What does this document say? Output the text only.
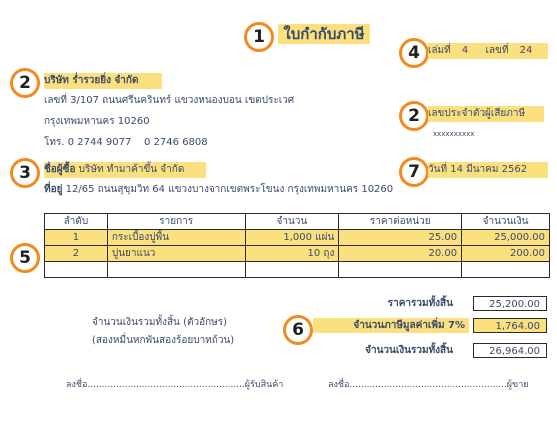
1	ใบกำกับภาษี
4 เล่มที่ 4 เลขที่ 24
2	บริษัท ร่ำรวยยิ่ง จำกัด
เลขที่ 3/107 ถนนศรีนครินทร์ แขวงหนองบอน เขตประเวศ
กรุงเทพมหานคร 10260
โทร. 0 2744 9077    0 2746 6808
2 เลขประจำตัวผู้เสียภาษี
xxxxxxxxxx
3	ชื่อผู้ซื้อ บริษัท ทำมาค้าขึ้น จำกัด
ที่อยู่ 12/65 ถนนสุขุมวิท 64 แขวงบางจากเขตพระโขนง กรุงเทพมหานคร 10260
7 วันที่ 14 มีนาคม 2562
5
ลำดับ	รายการ	จำนวน	ราคาต่อหน่วย	จำนวนเงิน
1	กระเบื้องปูพื้น	1,000 แผ่น	25.00	25,000.00
2	ปูนยาแนว	10 ถุง	20.00	200.00

ราคารวมทั้งสิ้น	25,200.00
6	จำนวนภาษีมูลค่าเพิ่ม 7%	1,764.00
จำนวนเงินรวมทั้งสิ้น	26,964.00
จำนวนเงินรวมทั้งสิ้น (ตัวอักษร)
(สองหมื่นหกพันสองร้อยบาทถ้วน)
ลงชื่อ.......................................................ผู้รับสินค้า	ลงชื่อ.......................................................ผู้ขาย
